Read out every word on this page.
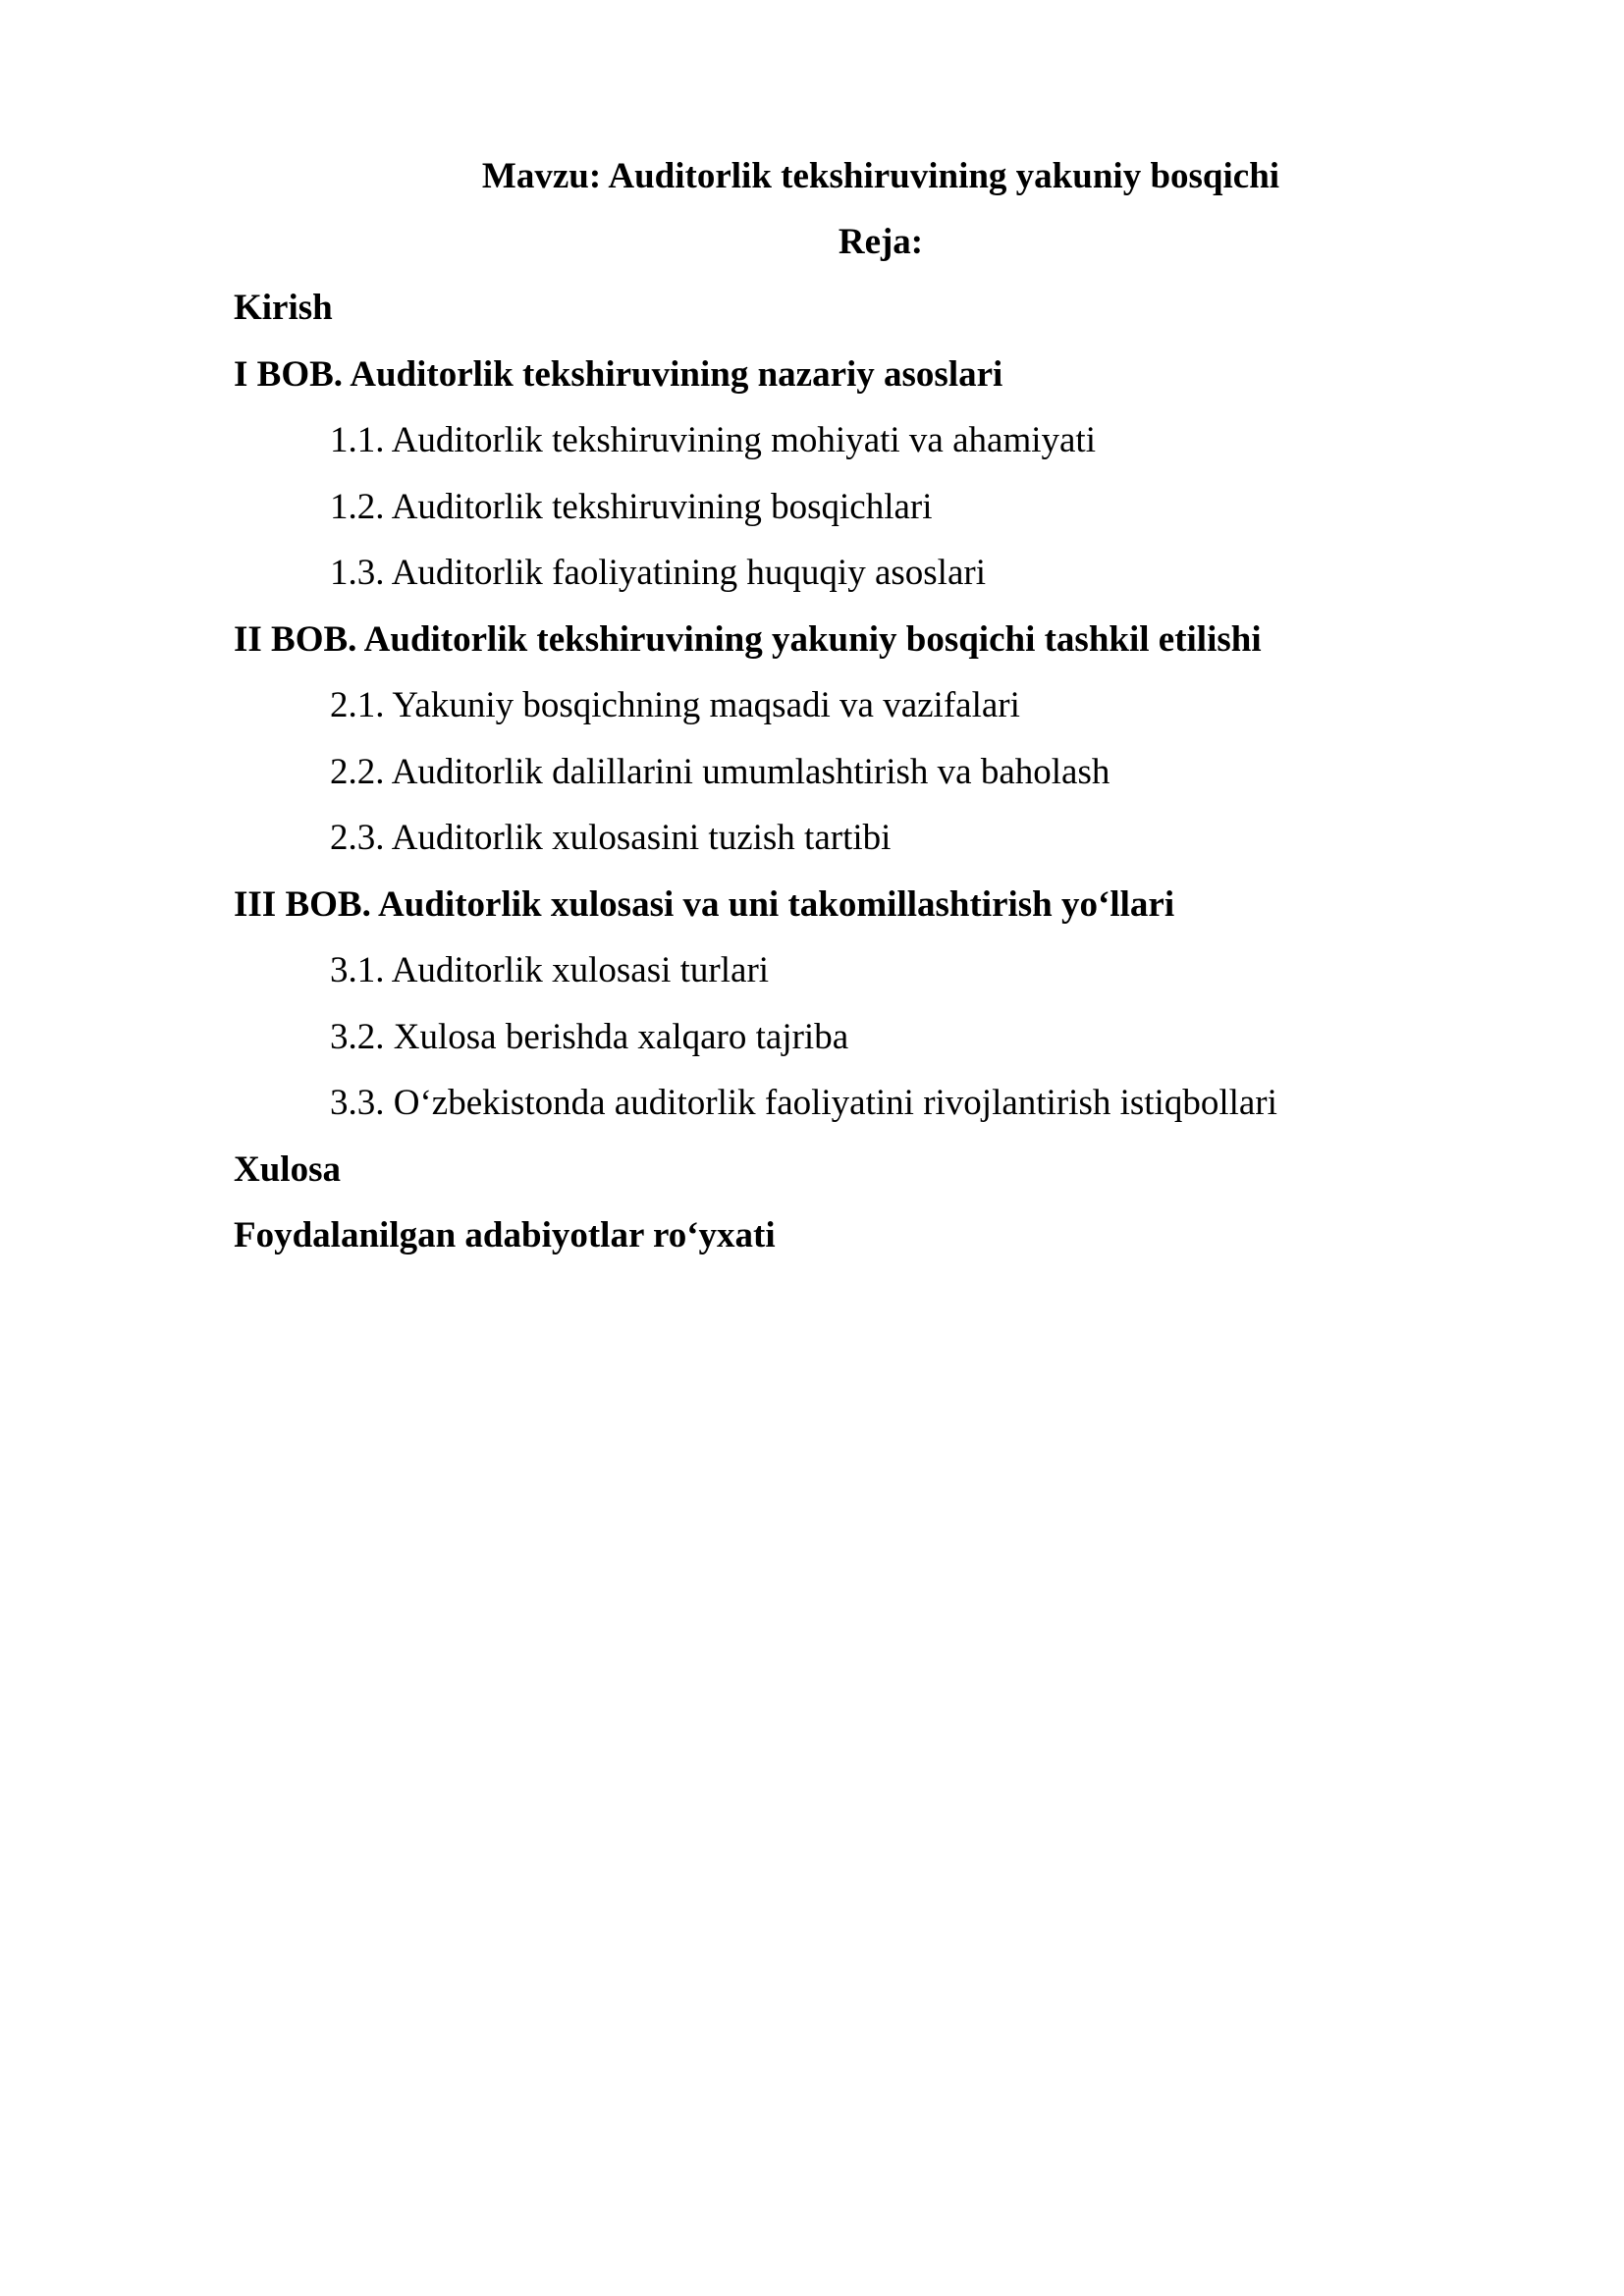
Mavzu: Auditorlik tekshiruvining yakuniy bosqichi
Reja:
Kirish
I BOB. Auditorlik tekshiruvining nazariy asoslari
1.1. Auditorlik tekshiruvining mohiyati va ahamiyati
1.2. Auditorlik tekshiruvining bosqichlari
1.3. Auditorlik faoliyatining huquqiy asoslari
II BOB. Auditorlik tekshiruvining yakuniy bosqichi tashkil etilishi
2.1. Yakuniy bosqichning maqsadi va vazifalari
2.2. Auditorlik dalillarini umumlashtirish va baholash
2.3. Auditorlik xulosasini tuzish tartibi
III BOB. Auditorlik xulosasi va uni takomillashtirish yo‘llari
3.1. Auditorlik xulosasi turlari
3.2. Xulosa berishda xalqaro tajriba
3.3. O‘zbekistonda auditorlik faoliyatini rivojlantirish istiqbollari
Xulosa
Foydalanilgan adabiyotlar ro‘yxati
